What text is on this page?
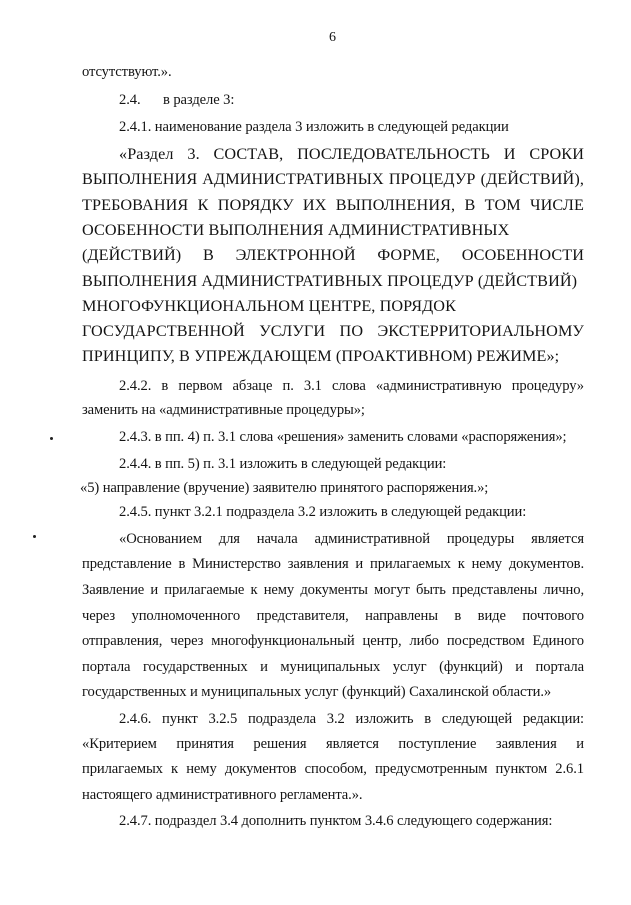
6
отсутствуют.».
2.4. в разделе 3:
2.4.1. наименование раздела 3 изложить в следующей редакции
«Раздел 3. СОСТАВ, ПОСЛЕДОВАТЕЛЬНОСТЬ И СРОКИ
ВЫПОЛНЕНИЯ АДМИНИСТРАТИВНЫХ ПРОЦЕДУР (ДЕЙСТВИЙ),
ТРЕБОВАНИЯ К ПОРЯДКУ ИХ ВЫПОЛНЕНИЯ, В ТОМ ЧИСЛЕ
ОСОБЕННОСТИ ВЫПОЛНЕНИЯ АДМИНИСТРАТИВНЫХ
(ДЕЙСТВИЙ) В ЭЛЕКТРОННОЙ ФОРМЕ, ОСОБЕННОСТИ
ВЫПОЛНЕНИЯ АДМИНИСТРАТИВНЫХ ПРОЦЕДУР (ДЕЙСТВИЙ)
МНОГОФУНКЦИОНАЛЬНОМ ЦЕНТРЕ, ПОРЯДОК
ГОСУДАРСТВЕННОЙ УСЛУГИ ПО ЭКСТЕРРИТОРИАЛЬНОМУ
ПРИНЦИПУ, В УПРЕЖДАЮЩЕМ (ПРОАКТИВНОМ) РЕЖИМЕ»;
2.4.2. в первом абзаце п. 3.1 слова «административную процедуру»
заменить на «административные процедуры»;
2.4.3. в пп. 4) п. 3.1 слова «решения» заменить словами «распоряжения»;
2.4.4. в пп. 5) п. 3.1 изложить в следующей редакции:
«5) направление (вручение) заявителю принятого распоряжения.»;
2.4.5. пункт 3.2.1 подраздела 3.2 изложить в следующей редакции:
«Основанием для начала административной процедуры является
представление в Министерство заявления и прилагаемых к нему документов.
Заявление и прилагаемые к нему документы могут быть представлены лично,
через уполномоченного представителя, направлены в виде почтового
отправления, через многофункциональный центр, либо посредством Единого
портала государственных и муниципальных услуг (функций) и портала
государственных и муниципальных услуг (функций) Сахалинской области.»
2.4.6. пункт 3.2.5 подраздела 3.2 изложить в следующей редакции:
«Критерием принятия решения является поступление заявления и
прилагаемых к нему документов способом, предусмотренным пунктом 2.6.1
настоящего административного регламента.».
2.4.7. подраздел 3.4 дополнить пунктом 3.4.6 следующего содержания:
